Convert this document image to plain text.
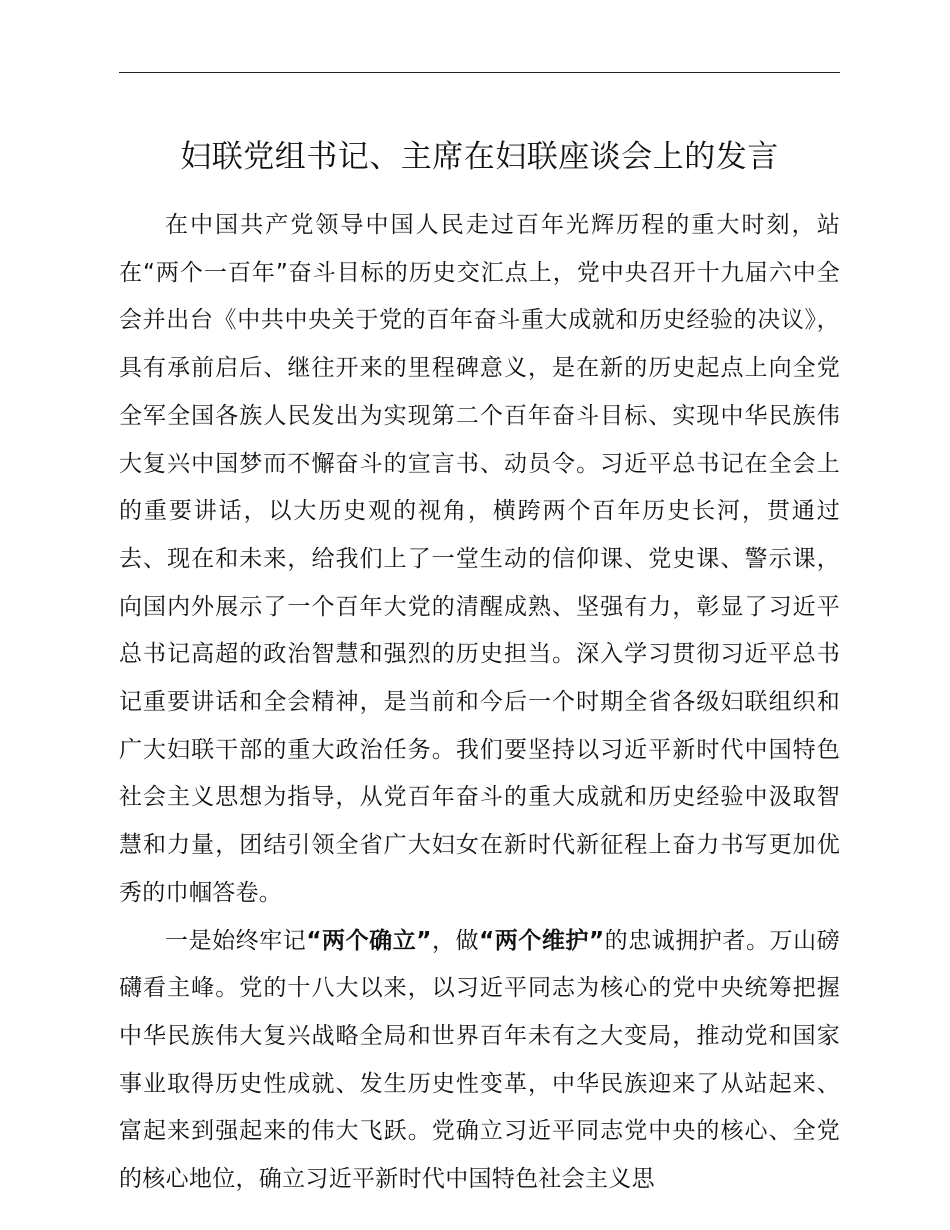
妇联党组书记、主席在妇联座谈会上的发言

在中国共产党领导中国人民走过百年光辉历程的重大时刻，站在“两个一百年”奋斗目标的历史交汇点上，党中央召开十九届六中全会并出台《中共中央关于党的百年奋斗重大成就和历史经验的决议》，具有承前启后、继往开来的里程碑意义，是在新的历史起点上向全党全军全国各族人民发出为实现第二个百年奋斗目标、实现中华民族伟大复兴中国梦而不懈奋斗的宣言书、动员令。习近平总书记在全会上的重要讲话，以大历史观的视角，横跨两个百年历史长河，贯通过去、现在和未来，给我们上了一堂生动的信仰课、党史课、警示课，向国内外展示了一个百年大党的清醒成熟、坚强有力，彰显了习近平总书记高超的政治智慧和强烈的历史担当。深入学习贯彻习近平总书记重要讲话和全会精神，是当前和今后一个时期全省各级妇联组织和广大妇联干部的重大政治任务。我们要坚持以习近平新时代中国特色社会主义思想为指导，从党百年奋斗的重大成就和历史经验中汲取智慧和力量，团结引领全省广大妇女在新时代新征程上奋力书写更加优秀的巾帼答卷。

一是始终牢记“两个确立”，做“两个维护”的忠诚拥护者。万山磅礴看主峰。党的十八大以来，以习近平同志为核心的党中央统筹把握中华民族伟大复兴战略全局和世界百年未有之大变局，推动党和国家事业取得历史性成就、发生历史性变革，中华民族迎来了从站起来、富起来到强起来的伟大飞跃。党确立习近平同志党中央的核心、全党的核心地位，确立习近平新时代中国特色社会主义思
